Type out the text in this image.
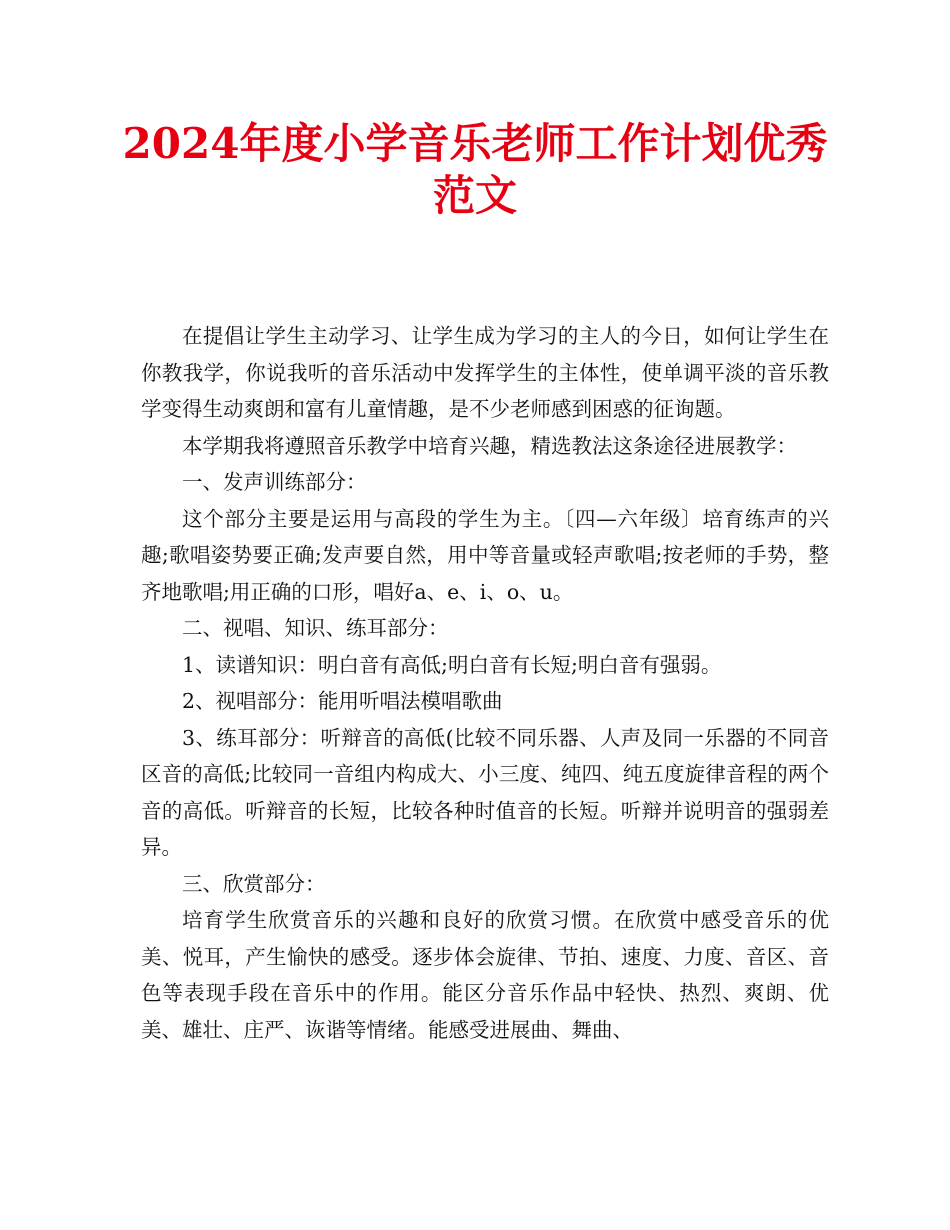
2024年度小学音乐老师工作计划优秀
范文

在提倡让学生主动学习、让学生成为学习的主人的今日，如何让学生在你教我学，你说我听的音乐活动中发挥学生的主体性，使单调平淡的音乐教学变得生动爽朗和富有儿童情趣，是不少老师感到困惑的征询题。

本学期我将遵照音乐教学中培育兴趣，精选教法这条途径进展教学：

一、发声训练部分：

这个部分主要是运用与高段的学生为主。〔四—六年级〕培育练声的兴趣;歌唱姿势要正确;发声要自然，用中等音量或轻声歌唱;按老师的手势，整齐地歌唱;用正确的口形，唱好a、e、i、o、u。

二、视唱、知识、练耳部分：

1、读谱知识：明白音有高低;明白音有长短;明白音有强弱。

2、视唱部分：能用听唱法模唱歌曲

3、练耳部分：听辩音的高低(比较不同乐器、人声及同一乐器的不同音区音的高低;比较同一音组内构成大、小三度、纯四、纯五度旋律音程的两个音的高低。听辩音的长短，比较各种时值音的长短。听辩并说明音的强弱差异。

三、欣赏部分：

培育学生欣赏音乐的兴趣和良好的欣赏习惯。在欣赏中感受音乐的优美、悦耳，产生愉快的感受。逐步体会旋律、节拍、速度、力度、音区、音色等表现手段在音乐中的作用。能区分音乐作品中轻快、热烈、爽朗、优美、雄壮、庄严、诙谐等情绪。能感受进展曲、舞曲、
